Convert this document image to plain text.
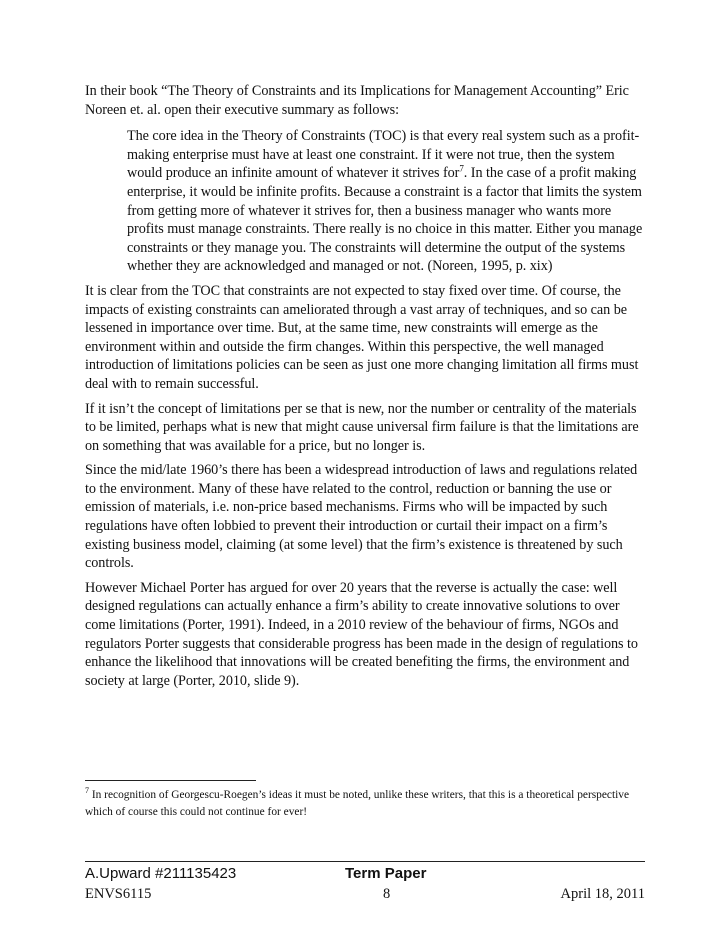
In their book “The Theory of Constraints and its Implications for Management Accounting” Eric Noreen et. al. open their executive summary as follows:

The core idea in the Theory of Constraints (TOC) is that every real system such as a profit-making enterprise must have at least one constraint. If it were not true, then the system would produce an infinite amount of whatever it strives for$^7$. In the case of a profit making enterprise, it would be infinite profits. Because a constraint is a factor that limits the system from getting more of whatever it strives for, then a business manager who wants more profits must manage constraints. There really is no choice in this matter. Either you manage constraints or they manage you. The constraints will determine the output of the systems whether they are acknowledged and managed or not. (Noreen, 1995, p. xix)

It is clear from the TOC that constraints are not expected to stay fixed over time. Of course, the impacts of existing constraints can ameliorated through a vast array of techniques, and so can be lessened in importance over time. But, at the same time, new constraints will emerge as the environment within and outside the firm changes. Within this perspective, the well managed introduction of limitations policies can be seen as just one more changing limitation all firms must deal with to remain successful.

If it isn’t the concept of limitations per se that is new, nor the number or centrality of the materials to be limited, perhaps what is new that might cause universal firm failure is that the limitations are on something that was available for a price, but no longer is.

Since the mid/late 1960’s there has been a widespread introduction of laws and regulations related to the environment. Many of these have related to the control, reduction or banning the use or emission of materials, i.e. non-price based mechanisms. Firms who will be impacted by such regulations have often lobbied to prevent their introduction or curtail their impact on a firm’s existing business model, claiming (at some level) that the firm’s existence is threatened by such controls.

However Michael Porter has argued for over 20 years that the reverse is actually the case: well designed regulations can actually enhance a firm’s ability to create innovative solutions to over come limitations (Porter, 1991). Indeed, in a 2010 review of the behaviour of firms, NGOs and regulators Porter suggests that considerable progress has been made in the design of regulations to enhance the likelihood that innovations will be created benefiting the firms, the environment and society at large (Porter, 2010, slide 9).

$^7$ In recognition of Georgescu-Roegen’s ideas it must be noted, unlike these writers, that this is a theoretical perspective which of course this could not continue for ever!
A.Upward #211135423	Term Paper
ENVS6115	8	April 18, 2011
